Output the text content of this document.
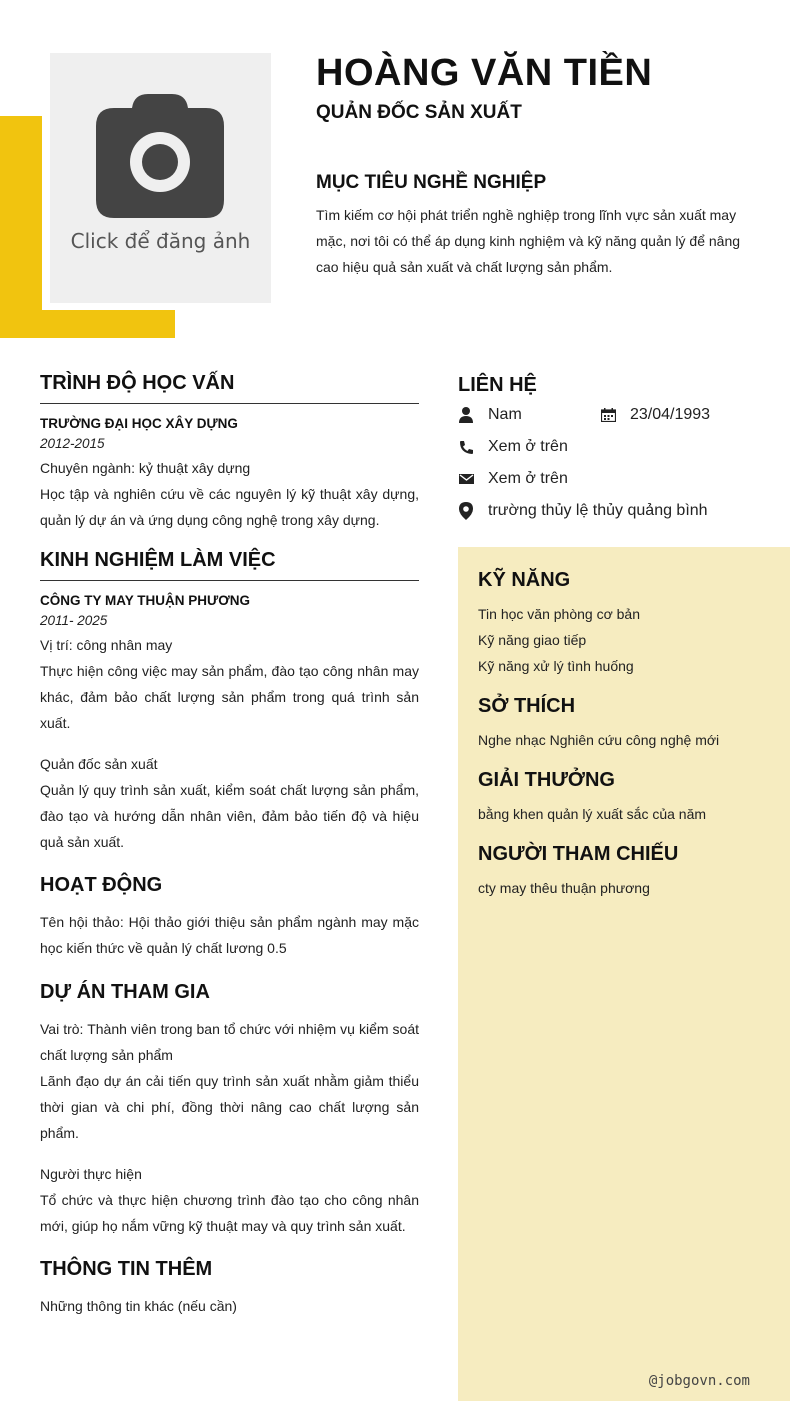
Click để đăng ảnh
HOÀNG VĂN TIỀN
QUẢN ĐỐC SẢN XUẤT
MỤC TIÊU NGHỀ NGHIỆP
Tìm kiếm cơ hội phát triển nghề nghiệp trong lĩnh vực sản xuất may mặc, nơi tôi có thể áp dụng kinh nghiệm và kỹ năng quản lý để nâng cao hiệu quả sản xuất và chất lượng sản phẩm.
TRÌNH ĐỘ HỌC VẤN
TRƯỜNG ĐẠI HỌC XÂY DỰNG
2012-2015
Chuyên ngành: kỷ thuật xây dựng
Học tập và nghiên cứu về các nguyên lý kỹ thuật xây dựng, quản lý dự án và ứng dụng công nghệ trong xây dựng.
KINH NGHIỆM LÀM VIỆC
CÔNG TY MAY THUẬN PHƯƠNG
2011- 2025
Vị trí: công nhân may
Thực hiện công việc may sản phẩm, đào tạo công nhân may khác, đảm bảo chất lượng sản phẩm trong quá trình sản xuất.
Quản đốc sản xuất
Quản lý quy trình sản xuất, kiểm soát chất lượng sản phẩm, đào tạo và hướng dẫn nhân viên, đảm bảo tiến độ và hiệu quả sản xuất.
HOẠT ĐỘNG
Tên hội thảo: Hội thảo giới thiệu sản phẩm ngành may mặc học kiến thức về quản lý chất lương 0.5
DỰ ÁN THAM GIA
Vai trò: Thành viên trong ban tổ chức với nhiệm vụ kiểm soát chất lượng sản phẩm
Lãnh đạo dự án cải tiến quy trình sản xuất nhằm giảm thiểu thời gian và chi phí, đồng thời nâng cao chất lượng sản phẩm.
Người thực hiện
Tổ chức và thực hiện chương trình đào tạo cho công nhân mới, giúp họ nắm vững kỹ thuật may và quy trình sản xuất.
THÔNG TIN THÊM
Những thông tin khác (nếu cần)
LIÊN HỆ
Nam	23/04/1993
Xem ở trên
Xem ở trên
trường thủy lệ thủy quảng bình
KỸ NĂNG
Tin học văn phòng cơ bản
Kỹ năng giao tiếp
Kỹ năng xử lý tình huống
SỞ THÍCH
Nghe nhạc Nghiên cứu công nghệ mới
GIẢI THƯỞNG
bằng khen quản lý xuất sắc của năm
NGƯỜI THAM CHIẾU
cty may thêu thuận phương
@jobgovn.com
